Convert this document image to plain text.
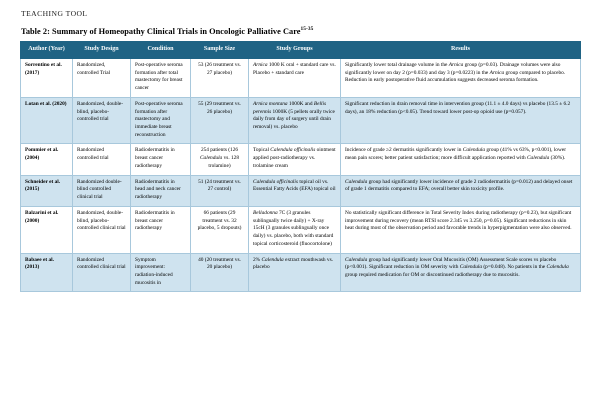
TEACHING TOOL
Table 2: Summary of Homeopathy Clinical Trials in Oncologic Palliative Care$^{15-35}$
Author (Year)	Study Design	Condition	Sample Size	Study Groups	Results

Sorrentino et al. (2017)	Randomized, controlled Trial	Post-operative seroma formation after total mastectomy for breast cancer	53 (26 treatment vs. 27 placebo)	Arnica 1000 K oral + standard care vs. Placebo + standard care	Significantly lower total drainage volume in the Arnica group (p=0.03). Drainage volumes were also significantly lower on day 2 (p=0.033) and day 3 (p=0.0223) in the Arnica group compared to placebo. Reduction in early postoperative fluid accumulation suggests decreased seroma formation.

Lotan et al. (2020)	Randomized, double-blind, placebo-controlled trial	Post-operative seroma formation after mastectomy and immediate breast reconstruction	55 (29 treatment vs. 26 placebo)	Arnica montana 1000K and Bellis perennis 1000K (5 pellets orally twice daily from day of surgery until drain removal) vs. placebo	Significant reduction in drain removal time in intervention group (11.1 ± 4.0 days) vs placebo (13.5 ± 6.2 days), an 18% reduction (p<0.05). Trend toward lower post-op opioid use (p=0.057).

Pommier et al. (2004)	Randomized controlled trial	Radiodermatitis in breast cancer radiotherapy	254 patients (126 Calendula vs. 128 trolamine)	Topical Calendula officinalis ointment applied post-radiotherapy vs. trolamine cream	Incidence of grade ≥2 dermatitis significantly lower in Calendula group (41% vs 63%, p<0.001), lower mean pain scores; better patient satisfaction; more difficult application reported with Calendula (30%).

Schneider et al. (2015)	Randomized double-blind controlled clinical trial	Radiodermatitis in head and neck cancer radiotherapy	51 (24 treatment vs. 27 control)	Calendula officinalis topical oil vs. Essential Fatty Acids (EFA) topical oil	Calendula group had significantly lower incidence of grade 2 radiodermatitis (p=0.012) and delayed onset of grade 1 dermatitis compared to EFA; overall better skin toxicity profile.

Balzarini et al. (2000)	Randomized, double-blind, placebo-controlled clinical trial	Radiodermatitis in breast cancer radiotherapy	66 patients (29 treatment vs. 32 placebo, 5 dropouts)	Belladonna 7C (3 granules sublingually twice daily) + X-ray 15cH (3 granules sublingually once daily) vs. placebo, both with standard topical corticosteroid (fluocortolone)	No statistically significant difference in Total Severity Index during radiotherapy (p=0.23), but significant improvement during recovery (mean RTSI score 2.345 vs 3.250, p=0.05). Significant reductions in skin heat during most of the observation period and favorable trends in hyperpigmentation were also observed.

Babaee et al. (2013)	Randomized controlled clinical trial	Symptom improvement: radiation-induced mucositis in	40 (20 treatment vs. 20 placebo)	2% Calendula extract mouthwash vs. placebo	Calendula group had significantly lower Oral Mucositis (OM) Assessment Scale scores vs placebo (p<0.001). Significant reduction in OM severity with Calendula (p=0.048). No patients in the Calendula group required medication for OM or discontinued radiotherapy due to mucositis.
